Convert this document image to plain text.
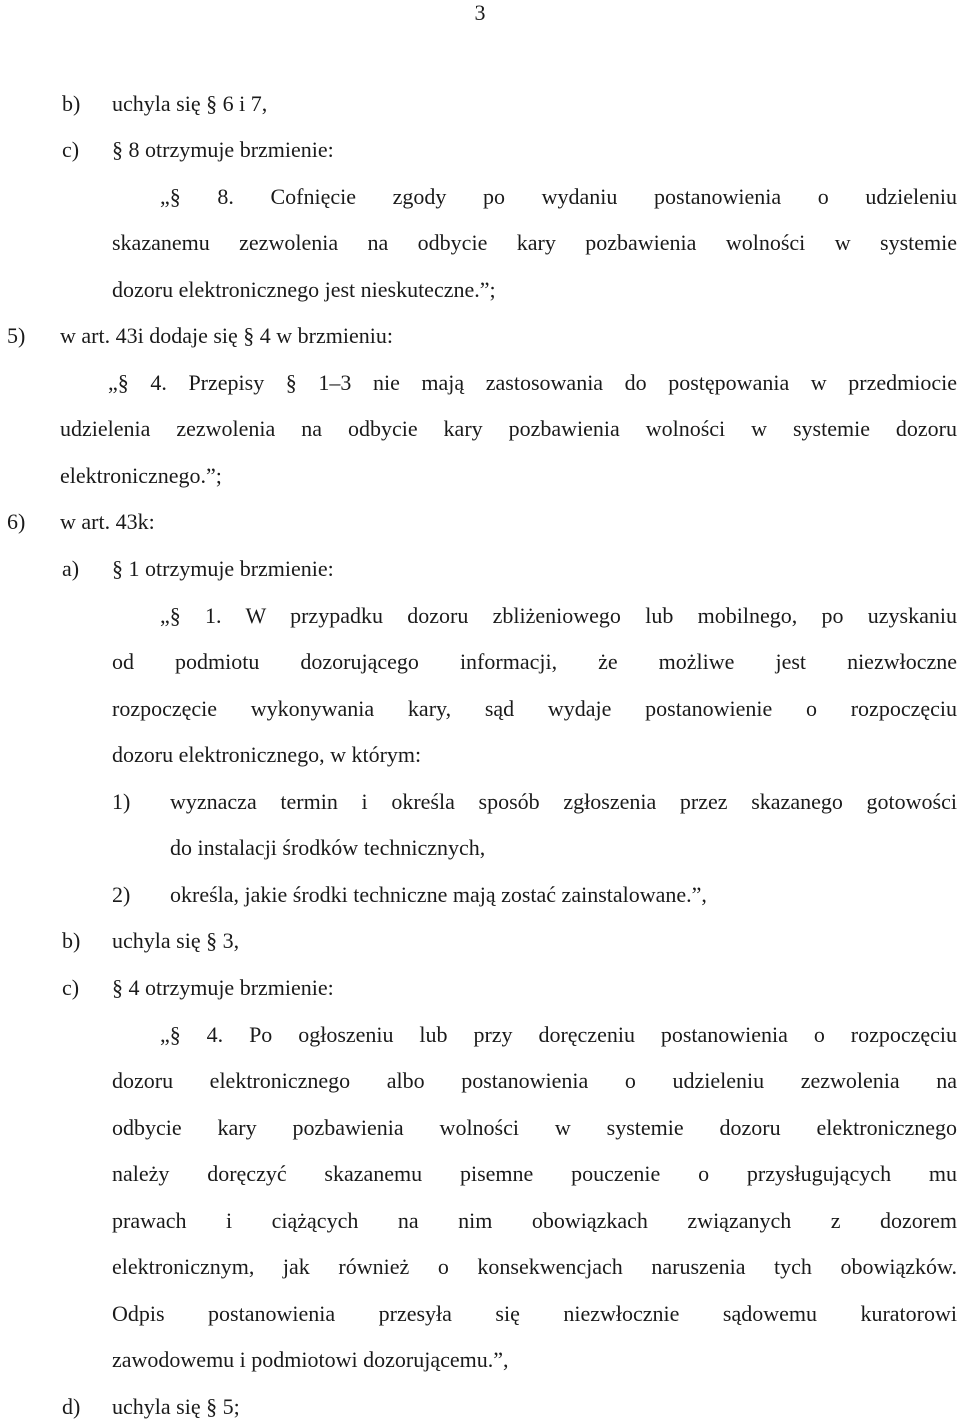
3
b) uchyla się § 6 i 7,
c) § 8 otrzymuje brzmienie:
„§ 8. Cofnięcie zgody po wydaniu postanowienia o udzieleniu
skazanemu zezwolenia na odbycie kary pozbawienia wolności w systemie
dozoru elektronicznego jest nieskuteczne.”;
5) w art. 43i dodaje się § 4 w brzmieniu:
„§ 4. Przepisy § 1–3 nie mają zastosowania do postępowania w przedmiocie
udzielenia zezwolenia na odbycie kary pozbawienia wolności w systemie dozoru
elektronicznego.”;
6) w art. 43k:
a) § 1 otrzymuje brzmienie:
„§ 1. W przypadku dozoru zbliżeniowego lub mobilnego, po uzyskaniu
od podmiotu dozorującego informacji, że możliwe jest niezwłoczne
rozpoczęcie wykonywania kary, sąd wydaje postanowienie o rozpoczęciu
dozoru elektronicznego, w którym:
1) wyznacza termin i określa sposób zgłoszenia przez skazanego gotowości
do instalacji środków technicznych,
2) określa, jakie środki techniczne mają zostać zainstalowane.”,
b) uchyla się § 3,
c) § 4 otrzymuje brzmienie:
„§ 4. Po ogłoszeniu lub przy doręczeniu postanowienia o rozpoczęciu
dozoru elektronicznego albo postanowienia o udzieleniu zezwolenia na
odbycie kary pozbawienia wolności w systemie dozoru elektronicznego
należy doręczyć skazanemu pisemne pouczenie o przysługujących mu
prawach i ciążących na nim obowiązkach związanych z dozorem
elektronicznym, jak również o konsekwencjach naruszenia tych obowiązków.
Odpis postanowienia przesyła się niezwłocznie sądowemu kuratorowi
zawodowemu i podmiotowi dozorującemu.”,
d) uchyla się § 5;
